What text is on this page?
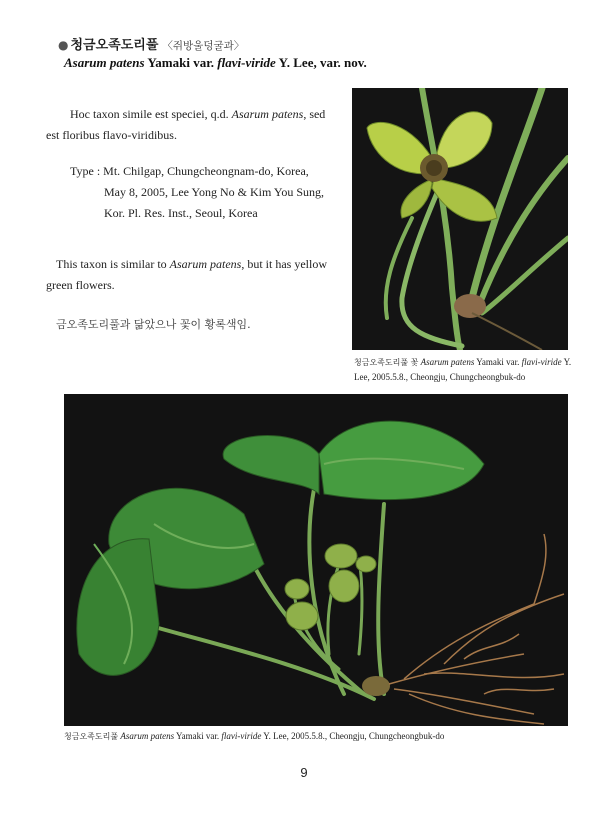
● 청금오족도리풀 〈쥐방울덩굴과〉
Asarum patens Yamaki var. flavi-viride Y. Lee, var. nov.
Hoc taxon simile est speciei, q.d. Asarum patens, sed est floribus flavo-viridibus.
Type : Mt. Chilgap, Chungcheongnam-do, Korea,
May 8, 2005, Lee Yong No & Kim You Sung,
Kor. Pl. Res. Inst., Seoul, Korea
This taxon is similar to Asarum patens, but it has yellow green flowers.
금오족도리풀과 닮았으나 꽃이 황록색임.
청금오족도리풀 꽃 Asarum patens Yamaki var. flavi-viride Y. Lee, 2005.5.8., Cheongju, Chungcheongbuk-do
청금오족도리풀 Asarum patens Yamaki var. flavi-viride Y. Lee, 2005.5.8., Cheongju, Chungcheongbuk-do
9
